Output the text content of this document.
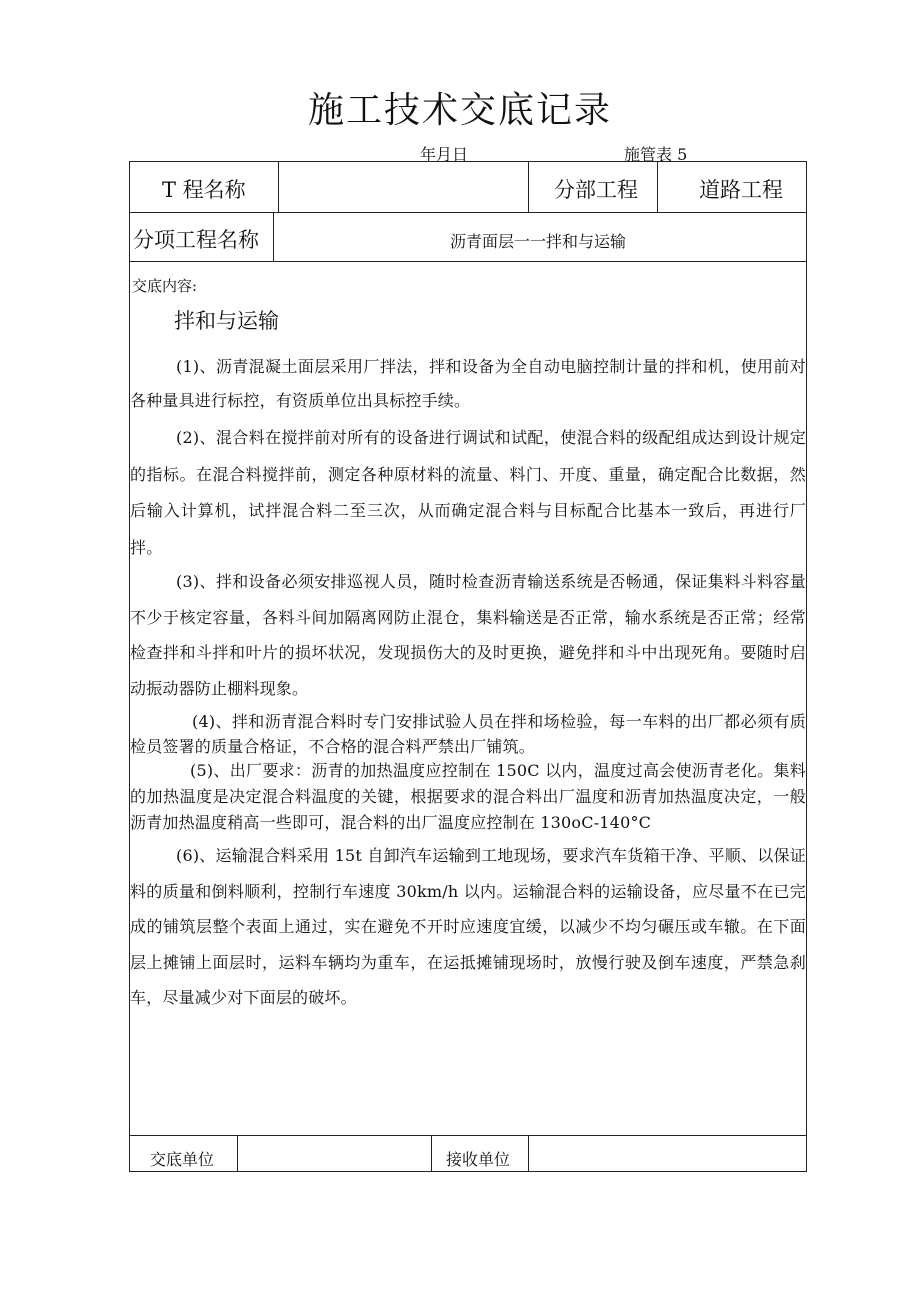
施工技术交底记录
年月日	施管表 5
T 程名称	分部工程	道路工程
分项工程名称	沥青面层一一拌和与运输
交底内容:
拌和与运输
(1)、沥青混凝土面层采用厂拌法，拌和设备为全自动电脑控制计量的拌和机，使用前对各种量具进行标控，有资质单位出具标控手续。
(2)、混合料在搅拌前对所有的设备进行调试和试配，使混合料的级配组成达到设计规定的指标。在混合料搅拌前，测定各种原材料的流量、料门、开度、重量，确定配合比数据，然后输入计算机，试拌混合料二至三次，从而确定混合料与目标配合比基本一致后，再进行厂拌。
(3)、拌和设备必须安排巡视人员，随时检查沥青输送系统是否畅通，保证集料斗料容量不少于核定容量，各料斗间加隔离网防止混仓，集料输送是否正常，输水系统是否正常；经常检查拌和斗拌和叶片的损坏状况，发现损伤大的及时更换，避免拌和斗中出现死角。要随时启动振动器防止棚料现象。
(4)、拌和沥青混合料时专门安排试验人员在拌和场检验，每一车料的出厂都必须有质检员签署的质量合格证，不合格的混合料严禁出厂铺筑。
(5)、出厂要求：沥青的加热温度应控制在 150C 以内，温度过高会使沥青老化。集料的加热温度是决定混合料温度的关键，根据要求的混合料出厂温度和沥青加热温度决定，一般沥青加热温度稍高一些即可，混合料的出厂温度应控制在 130oC-140°C
(6)、运输混合料采用 15t 自卸汽车运输到工地现场，要求汽车货箱干净、平顺、以保证料的质量和倒料顺利，控制行车速度 30km/h 以内。运输混合料的运输设备，应尽量不在已完成的铺筑层整个表面上通过，实在避免不开时应速度宜缓，以减少不均匀碾压或车辙。在下面层上摊铺上面层时，运料车辆均为重车，在运抵摊铺现场时，放慢行驶及倒车速度，严禁急刹车，尽量减少对下面层的破坏。
交底单位	接收单位
